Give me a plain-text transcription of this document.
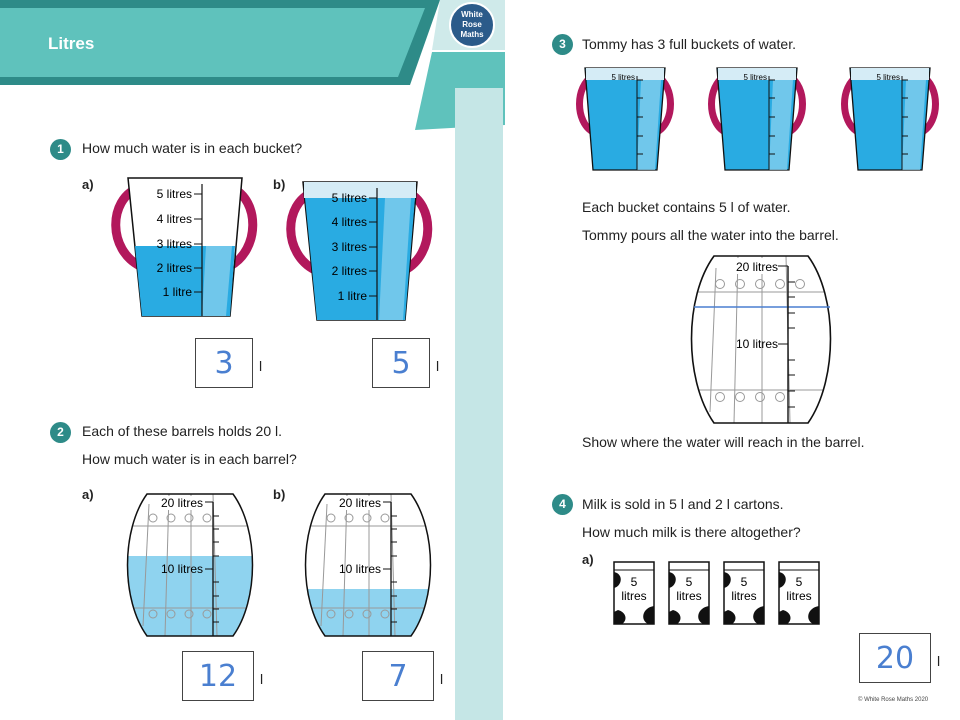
Litres
White
Rose
Maths
1	How much water is in each bucket?
a)	b)
5 litres
4 litres
3 litres
2 litres
1 litre
5 litres
4 litres
3 litres
2 litres
1 litre
3	l	5	l
2	Each of these barrels holds 20 l.
How much water is in each barrel?
a)	b)
20 litres
10 litres
20 litres
10 litres
12	l	7	l
3	Tommy has 3 full buckets of water.
5 litres	5 litres	5 litres
Each bucket contains 5 l of water.
Tommy pours all the water into the barrel.
20 litres
10 litres
Show where the water will reach in the barrel.
4	Milk is sold in 5 l and 2 l cartons.
How much milk is there altogether?
a)
5
litres
5
litres
5
litres
5
litres
20	l
© White Rose Maths 2020
